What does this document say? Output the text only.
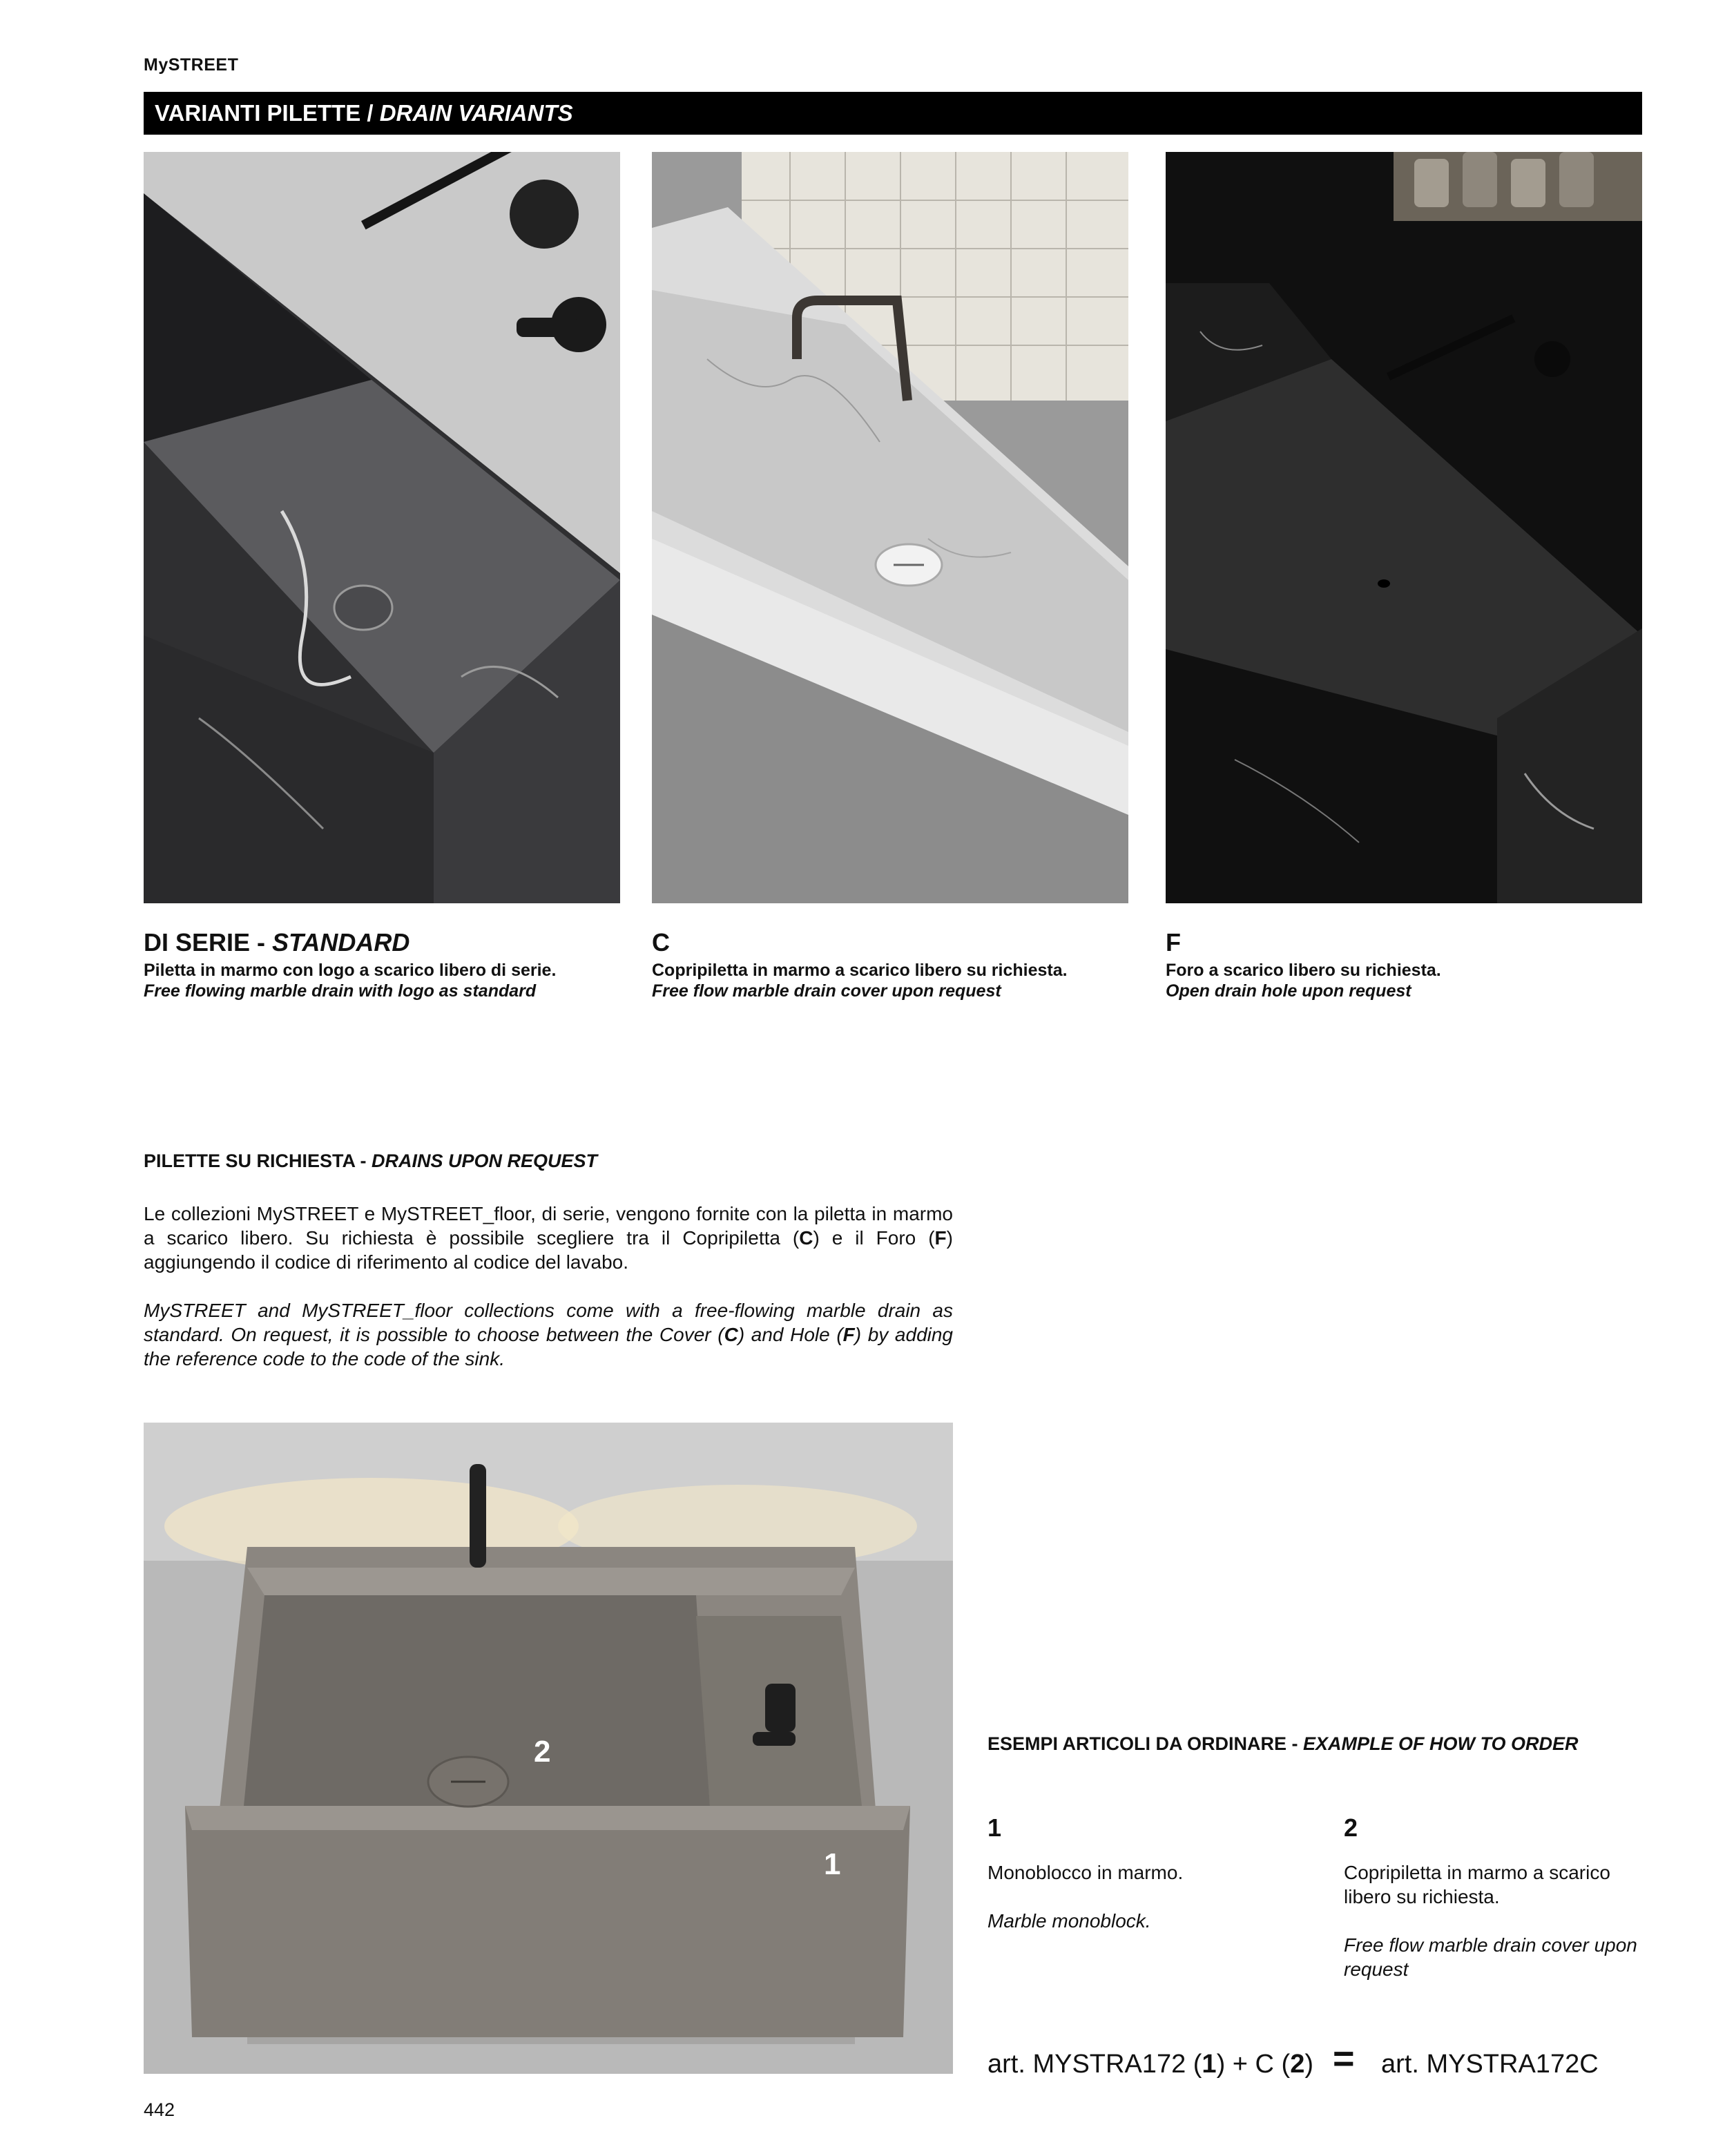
MySTREET
VARIANTI PILETTE / DRAIN VARIANTS
DI SERIE - STANDARD
Piletta in marmo con logo a scarico libero di serie.
Free flowing marble drain with logo as standard
C
Copripiletta in marmo a scarico libero su richiesta.
Free flow marble drain cover upon request
F
Foro a scarico libero su richiesta.
Open drain hole upon request
PILETTE SU RICHIESTA - DRAINS UPON REQUEST
Le collezioni MySTREET e MySTREET_floor, di serie, vengono fornite con la piletta in marmo a scarico libero. Su richiesta è possibile scegliere tra il Copripiletta (C) e il Foro (F) aggiungendo il codice di riferimento al codice del lavabo.
MySTREET and MySTREET_floor collections come with a free-flowing marble drain as standard. On request, it is possible to choose between the Cover (C) and Hole (F) by adding the reference code to the code of the sink.
2
1
ESEMPI ARTICOLI DA ORDINARE - EXAMPLE OF HOW TO ORDER
1
Monoblocco in marmo.
Marble monoblock.
2
Copripiletta in marmo a scarico libero su richiesta.
Free flow marble drain cover upon request
art. MYSTRA172 (1) + C (2) = art. MYSTRA172C
442
